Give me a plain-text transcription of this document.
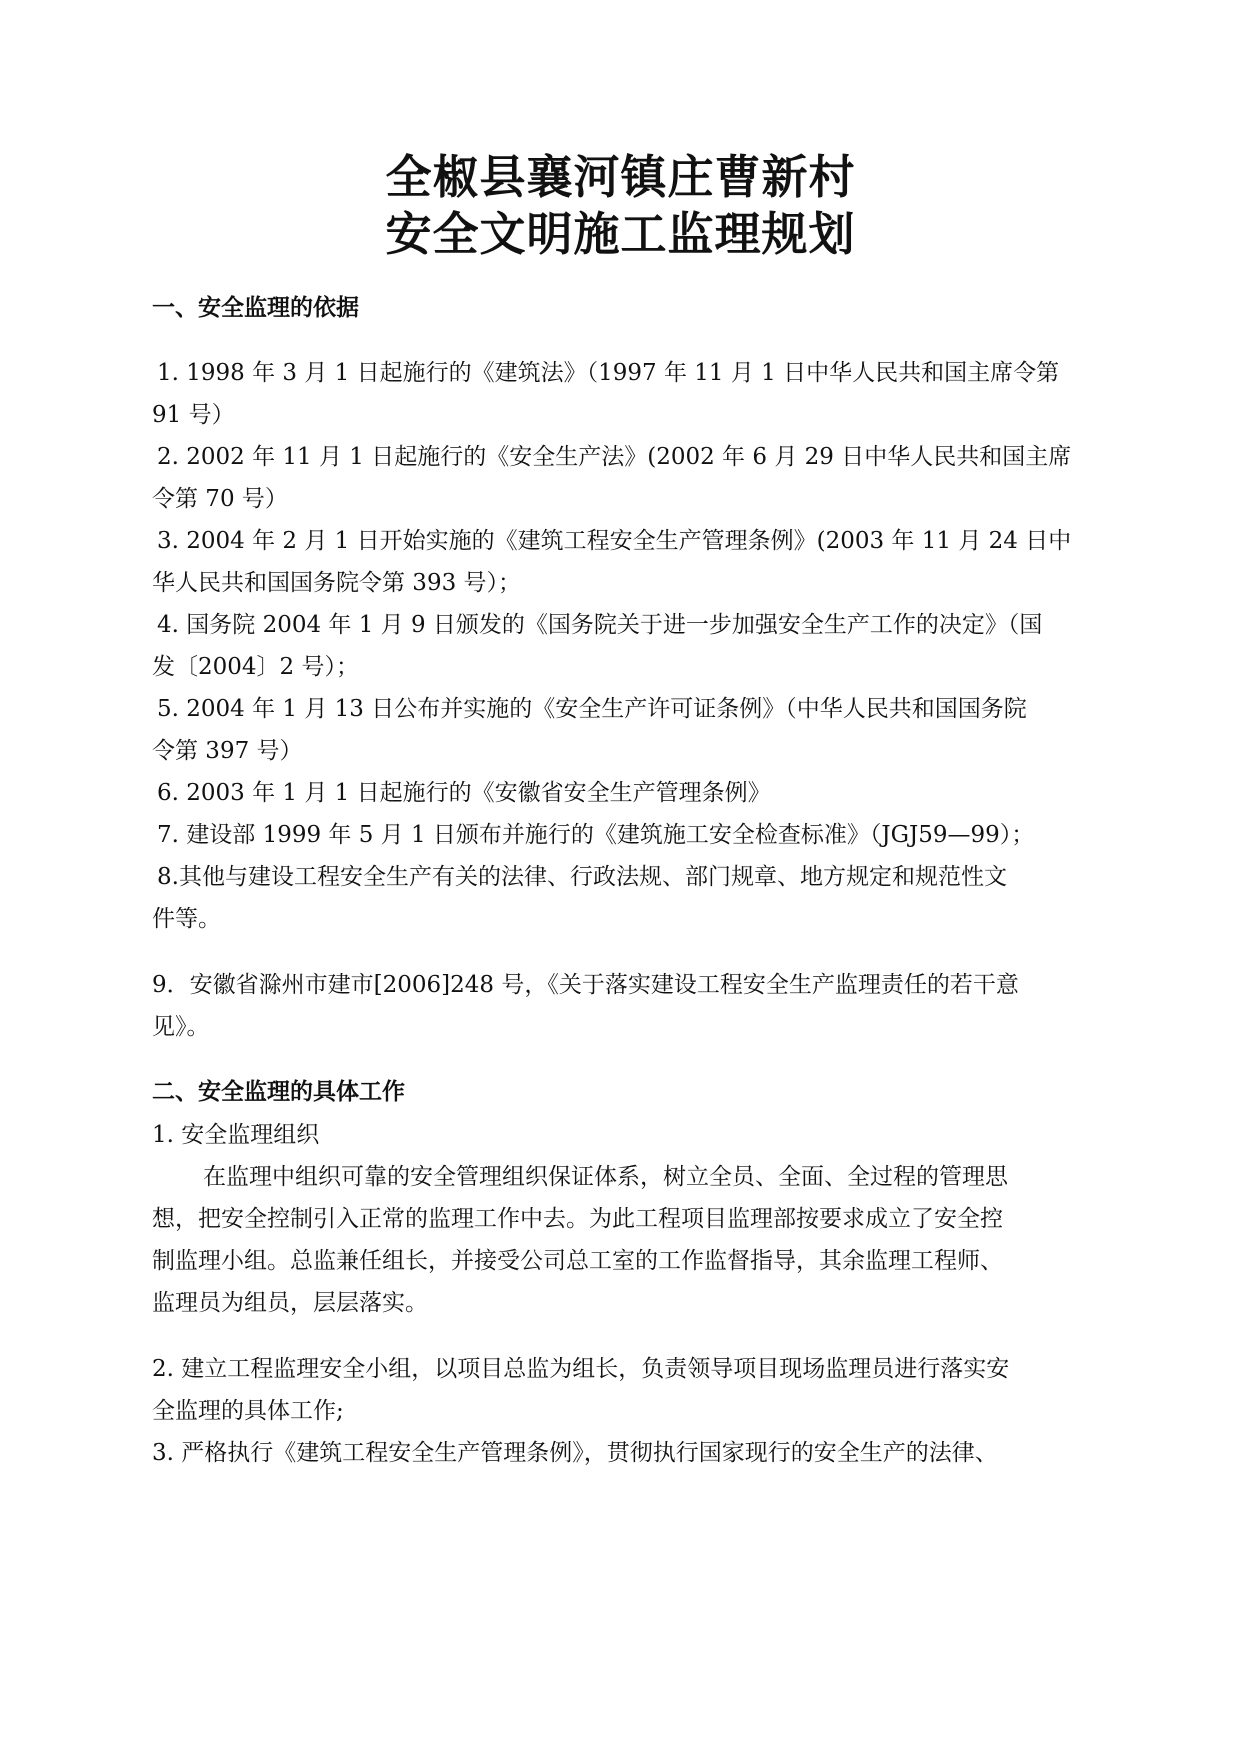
全椒县襄河镇庄曹新村
安全文明施工监理规划
一、安全监理的依据
1. 1998 年 3 月 1 日起施行的《建筑法》（1997 年 11 月 1 日中华人民共和国主席令第
91 号）
2. 2002 年 11 月 1 日起施行的《安全生产法》(2002 年 6 月 29 日中华人民共和国主席
令第 70 号）
3. 2004 年 2 月 1 日开始实施的《建筑工程安全生产管理条例》(2003 年 11 月 24 日中
华人民共和国国务院令第 393 号）；
4. 国务院 2004 年 1 月 9 日颁发的《国务院关于进一步加强安全生产工作的决定》（国
发〔2004〕2 号）；
5. 2004 年 1 月 13 日公布并实施的《安全生产许可证条例》（中华人民共和国国务院
令第 397 号）
6. 2003 年 1 月 1 日起施行的《安徽省安全生产管理条例》
7. 建设部 1999 年 5 月 1 日颁布并施行的《建筑施工安全检查标准》（JGJ59—99）；
8.其他与建设工程安全生产有关的法律、行政法规、部门规章、地方规定和规范性文
件等。
9．安徽省滁州市建市[2006]248 号，《关于落实建设工程安全生产监理责任的若干意
见》。
二、安全监理的具体工作
1. 安全监理组织
在监理中组织可靠的安全管理组织保证体系，树立全员、全面、全过程的管理思
想，把安全控制引入正常的监理工作中去。为此工程项目监理部按要求成立了安全控
制监理小组。总监兼任组长，并接受公司总工室的工作监督指导，其余监理工程师、
监理员为组员，层层落实。
2. 建立工程监理安全小组，以项目总监为组长，负责领导项目现场监理员进行落实安
全监理的具体工作;
3. 严格执行《建筑工程安全生产管理条例》，贯彻执行国家现行的安全生产的法律、
